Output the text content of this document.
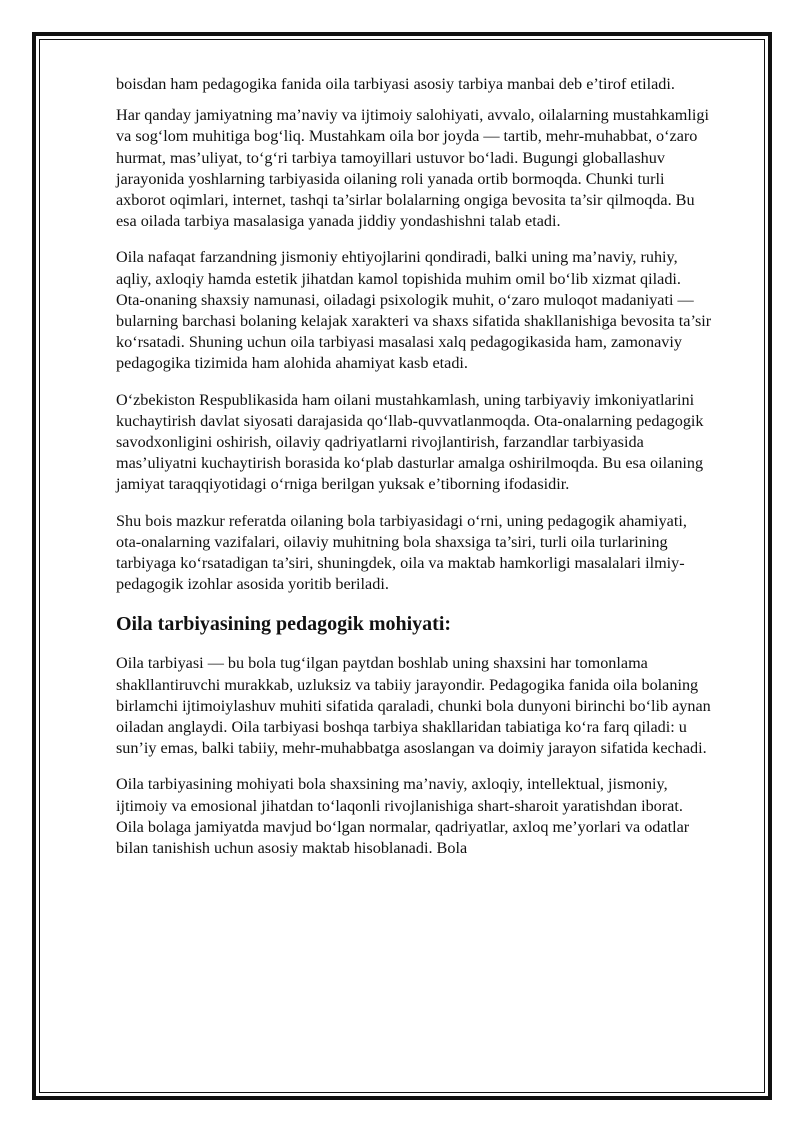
boisdan ham pedagogika fanida oila tarbiyasi asosiy tarbiya manbai deb e’tirof etiladi.

Har qanday jamiyatning ma’naviy va ijtimoiy salohiyati, avvalo, oilalarning mustahkamligi va sog‘lom muhitiga bog‘liq. Mustahkam oila bor joyda — tartib, mehr-muhabbat, o‘zaro hurmat, mas’uliyat, to‘g‘ri tarbiya tamoyillari ustuvor bo‘ladi. Bugungi globallashuv jarayonida yoshlarning tarbiyasida oilaning roli yanada ortib bormoqda. Chunki turli axborot oqimlari, internet, tashqi ta’sirlar bolalarning ongiga bevosita ta’sir qilmoqda. Bu esa oilada tarbiya masalasiga yanada jiddiy yondashishni talab etadi.

Oila nafaqat farzandning jismoniy ehtiyojlarini qondiradi, balki uning ma’naviy, ruhiy, aqliy, axloqiy hamda estetik jihatdan kamol topishida muhim omil bo‘lib xizmat qiladi. Ota-onaning shaxsiy namunasi, oiladagi psixologik muhit, o‘zaro muloqot madaniyati — bularning barchasi bolaning kelajak xarakteri va shaxs sifatida shakllanishiga bevosita ta’sir ko‘rsatadi. Shuning uchun oila tarbiyasi masalasi xalq pedagogikasida ham, zamonaviy pedagogika tizimida ham alohida ahamiyat kasb etadi.

O‘zbekiston Respublikasida ham oilani mustahkamlash, uning tarbiyaviy imkoniyatlarini kuchaytirish davlat siyosati darajasida qo‘llab-quvvatlanmoqda. Ota-onalarning pedagogik savodxonligini oshirish, oilaviy qadriyatlarni rivojlantirish, farzandlar tarbiyasida mas’uliyatni kuchaytirish borasida ko‘plab dasturlar amalga oshirilmoqda. Bu esa oilaning jamiyat taraqqiyotidagi o‘rniga berilgan yuksak e’tiborning ifodasidir.

Shu bois mazkur referatda oilaning bola tarbiyasidagi o‘rni, uning pedagogik ahamiyati, ota-onalarning vazifalari, oilaviy muhitning bola shaxsiga ta’siri, turli oila turlarining tarbiyaga ko‘rsatadigan ta’siri, shuningdek, oila va maktab hamkorligi masalalari ilmiy-pedagogik izohlar asosida yoritib beriladi.

Oila tarbiyasining pedagogik mohiyati:

Oila tarbiyasi — bu bola tug‘ilgan paytdan boshlab uning shaxsini har tomonlama shakllantiruvchi murakkab, uzluksiz va tabiiy jarayondir. Pedagogika fanida oila bolaning birlamchi ijtimoiylashuv muhiti sifatida qaraladi, chunki bola dunyoni birinchi bo‘lib aynan oiladan anglaydi. Oila tarbiyasi boshqa tarbiya shakllaridan tabiatiga ko‘ra farq qiladi: u sun’iy emas, balki tabiiy, mehr-muhabbatga asoslangan va doimiy jarayon sifatida kechadi.

Oila tarbiyasining mohiyati bola shaxsining ma’naviy, axloqiy, intellektual, jismoniy, ijtimoiy va emosional jihatdan to‘laqonli rivojlanishiga shart-sharoit yaratishdan iborat. Oila bolaga jamiyatda mavjud bo‘lgan normalar, qadriyatlar, axloq me’yorlari va odatlar bilan tanishish uchun asosiy maktab hisoblanadi. Bola
